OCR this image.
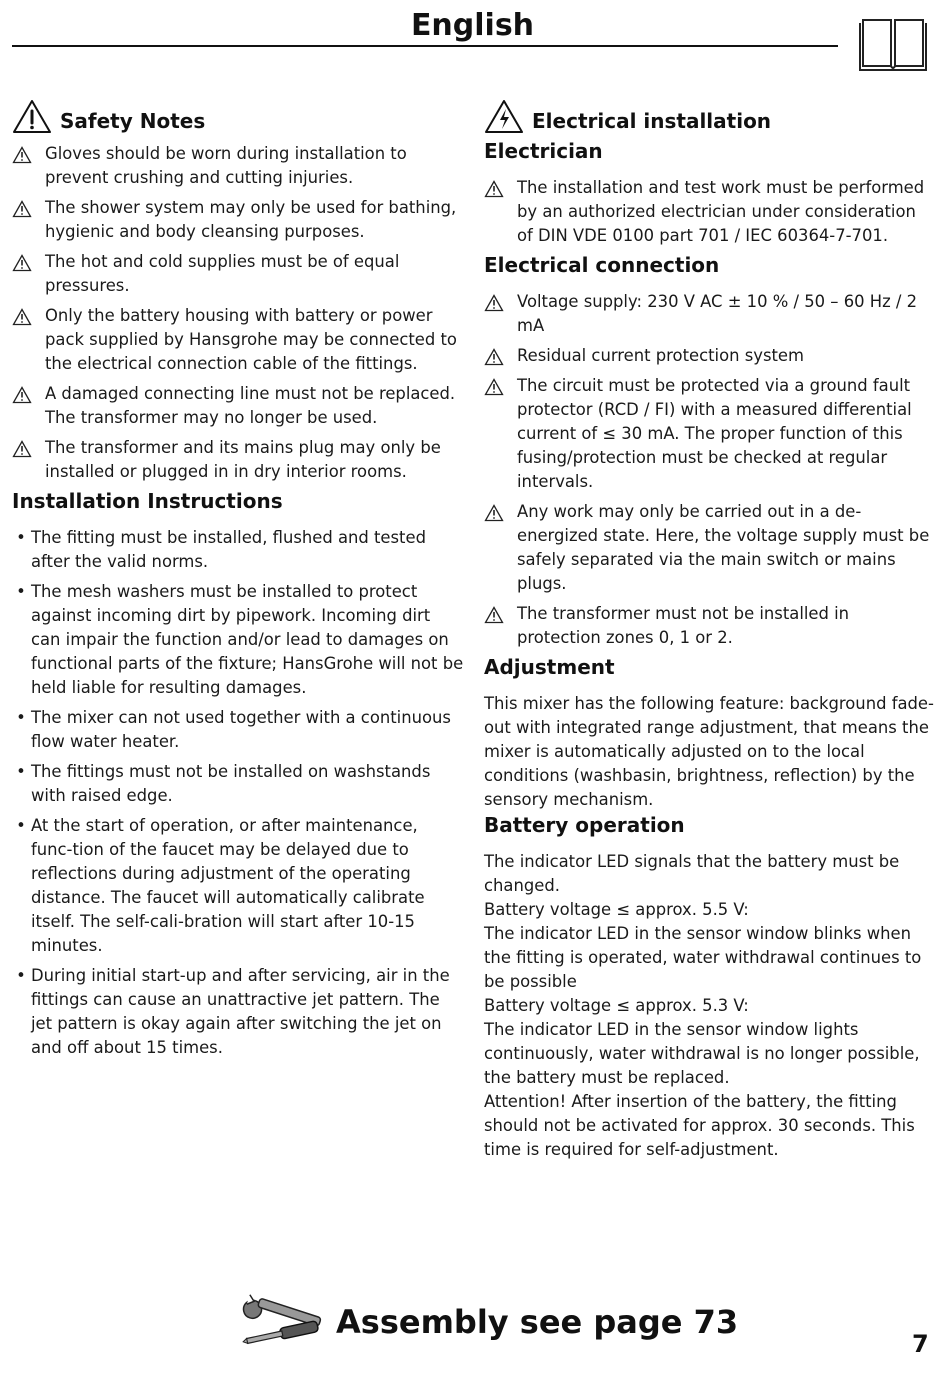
English
Safety Notes
Gloves should be worn during installation to prevent crushing and cutting injuries.
The shower system may only be used for bathing, hygienic and body cleansing purposes.
The hot and cold supplies must be of equal pressures.
Only the battery housing with battery or power pack supplied by Hansgrohe may be connected to the electrical connection cable of the fittings.
A damaged connecting line must not be replaced. The transformer may no longer be used.
The transformer and its mains plug may only be installed or plugged in in dry interior rooms.
Installation Instructions
• The fitting must be installed, flushed and tested after the valid norms.
• The mesh washers must be installed to protect against incoming dirt by pipework. Incoming dirt can impair the function and/or lead to damages on functional parts of the fixture; HansGrohe will not be held liable for resulting damages.
• The mixer can not used together with a continuous flow water heater.
• The fittings must not be installed on washstands with raised edge.
• At the start of operation, or after maintenance, func-tion of the faucet may be delayed due to reflections during adjustment of the operating distance. The faucet will automatically calibrate itself. The self-cali-bration will start after 10-15 minutes.
• During initial start-up and after servicing, air in the fittings can cause an unattractive jet pattern. The jet pattern is okay again after switching the jet on and off about 15 times.
Electrical installation
Electrician
The installation and test work must be performed by an authorized electrician under consideration of DIN VDE 0100 part 701 / IEC 60364-7-701.
Electrical connection
Voltage supply: 230 V AC ± 10 % / 50 – 60 Hz / 2 mA
Residual current protection system
The circuit must be protected via a ground fault protector (RCD / FI) with a measured differential current of ≤ 30 mA. The proper function of this fusing/protection must be checked at regular intervals.
Any work may only be carried out in a de-energized state. Here, the voltage supply must be safely separated via the main switch or mains plugs.
The transformer must not be installed in protection zones 0, 1 or 2.
Adjustment
This mixer has the following feature: background fade-out with integrated range adjustment, that means the mixer is automatically adjusted on to the local conditions (washbasin, brightness, reflection) by the sensory mechanism.
Battery operation
The indicator LED signals that the battery must be changed.
Battery voltage ≤ approx. 5.5 V:
The indicator LED in the sensor window blinks when the fitting is operated, water withdrawal continues to be possible
Battery voltage ≤ approx. 5.3 V:
The indicator LED in the sensor window lights continuously, water withdrawal is no longer possible, the battery must be replaced.
Attention! After insertion of the battery, the fitting should not be activated for approx. 30 seconds. This time is required for self-adjustment.
Assembly see page 73
7
